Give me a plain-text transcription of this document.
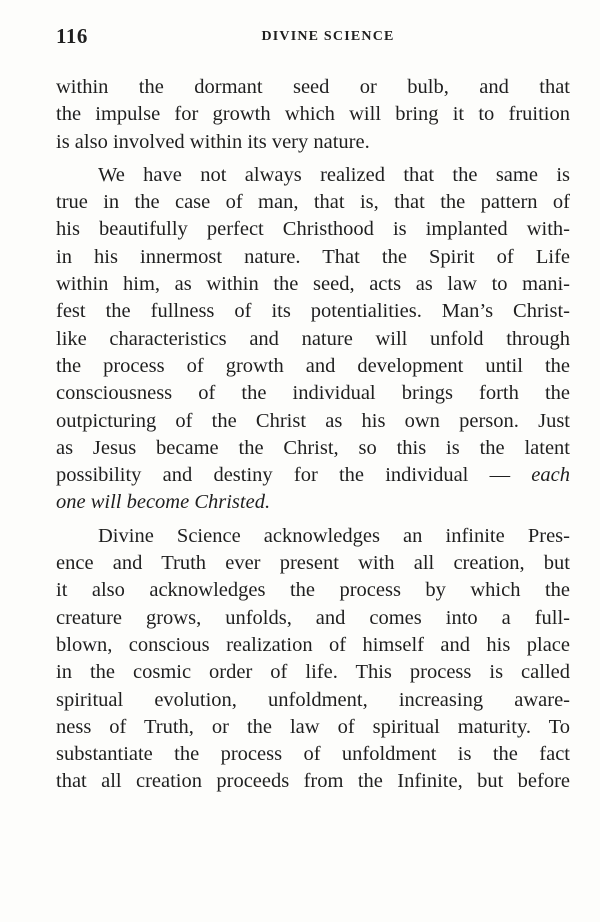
116	DIVINE SCIENCE

within the dormant seed or bulb, and that
the impulse for growth which will bring it to fruition
is also involved within its very nature.

We have not always realized that the same is
true in the case of man, that is, that the pattern of
his beautifully perfect Christhood is implanted with-
in his innermost nature. That the Spirit of Life
within him, as within the seed, acts as law to mani-
fest the fullness of its potentialities. Man’s Christ-
like characteristics and nature will unfold through
the process of growth and development until the
consciousness of the individual brings forth the
outpicturing of the Christ as his own person. Just
as Jesus became the Christ, so this is the latent
possibility and destiny for the individual — each
one will become Christed.

Divine Science acknowledges an infinite Pres-
ence and Truth ever present with all creation, but
it also acknowledges the process by which the
creature grows, unfolds, and comes into a full-
blown, conscious realization of himself and his place
in the cosmic order of life. This process is called
spiritual evolution, unfoldment, increasing aware-
ness of Truth, or the law of spiritual maturity. To
substantiate the process of unfoldment is the fact
that all creation proceeds from the Infinite, but before
